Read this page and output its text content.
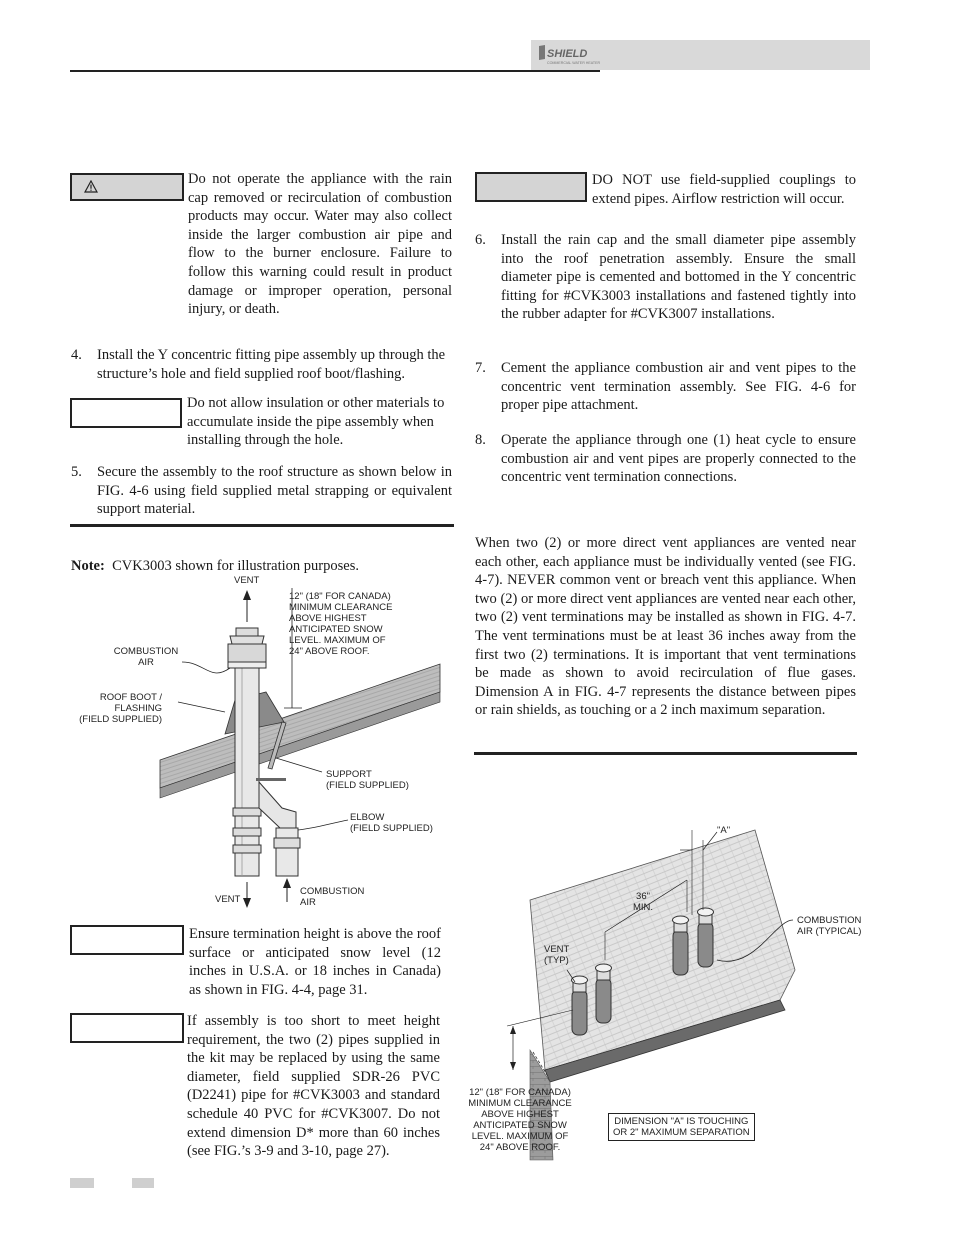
SHIELD
COMMERCIAL WATER HEATER
Do not operate the appliance with the rain cap removed or recirculation of combustion products may occur. Water may also collect inside the larger combustion air pipe and flow to the burner enclosure. Failure to follow this warning could result in product damage or improper operation, personal injury, or death.
4. Install the Y concentric fitting pipe assembly up through the structure’s hole and field supplied roof boot/flashing.
Do not allow insulation or other materials to accumulate inside the pipe assembly when installing through the hole.
5. Secure the assembly to the roof structure as shown below in FIG. 4-6 using field supplied metal strapping or equivalent support material.
Note: CVK3003 shown for illustration purposes.
VENT
12" (18" FOR CANADA)
MINIMUM CLEARANCE
ABOVE HIGHEST
ANTICIPATED SNOW
LEVEL. MAXIMUM OF
24" ABOVE ROOF.
COMBUSTION
AIR
ROOF BOOT /
FLASHING
(FIELD SUPPLIED)
SUPPORT
(FIELD SUPPLIED)
ELBOW
(FIELD SUPPLIED)
VENT
COMBUSTION
AIR
Ensure termination height is above the roof surface or anticipated snow level (12 inches in U.S.A. or 18 inches in Canada) as shown in FIG. 4-4, page 31.
If assembly is too short to meet height requirement, the two (2) pipes supplied in the kit may be replaced by using the same diameter, field supplied SDR-26 PVC (D2241) pipe for #CVK3003 and standard schedule 40 PVC for #CVK3007. Do not extend dimension D* more than 60 inches (see FIG.’s 3-9 and 3-10, page 27).
DO NOT use field-supplied couplings to extend pipes. Airflow restriction will occur.
6. Install the rain cap and the small diameter pipe assembly into the roof penetration assembly. Ensure the small diameter pipe is cemented and bottomed in the Y concentric fitting for #CVK3003 installations and fastened tightly into the rubber adapter for #CVK3007 installations.
7. Cement the appliance combustion air and vent pipes to the concentric vent termination assembly. See FIG. 4-6 for proper pipe attachment.
8. Operate the appliance through one (1) heat cycle to ensure combustion air and vent pipes are properly connected to the concentric vent termination connections.
When two (2) or more direct vent appliances are vented near each other, each appliance must be individually vented (see FIG. 4-7). NEVER common vent or breach vent this appliance. When two (2) or more direct vent appliances are vented near each other, two (2) vent terminations may be installed as shown in FIG. 4-7. The vent terminations must be at least 36 inches away from the first two (2) terminations. It is important that vent terminations be made as shown to avoid recirculation of flue gases. Dimension A in FIG. 4-7 represents the distance between pipes or rain shields, as touching or a 2 inch maximum separation.
"A"
36"
MIN.
VENT
(TYP)
COMBUSTION
AIR (TYPICAL)
12" (18" FOR CANADA)
MINIMUM CLEARANCE
ABOVE HIGHEST
ANTICIPATED SNOW
LEVEL. MAXIMUM OF
24" ABOVE ROOF.
DIMENSION "A" IS TOUCHING
OR 2" MAXIMUM SEPARATION
